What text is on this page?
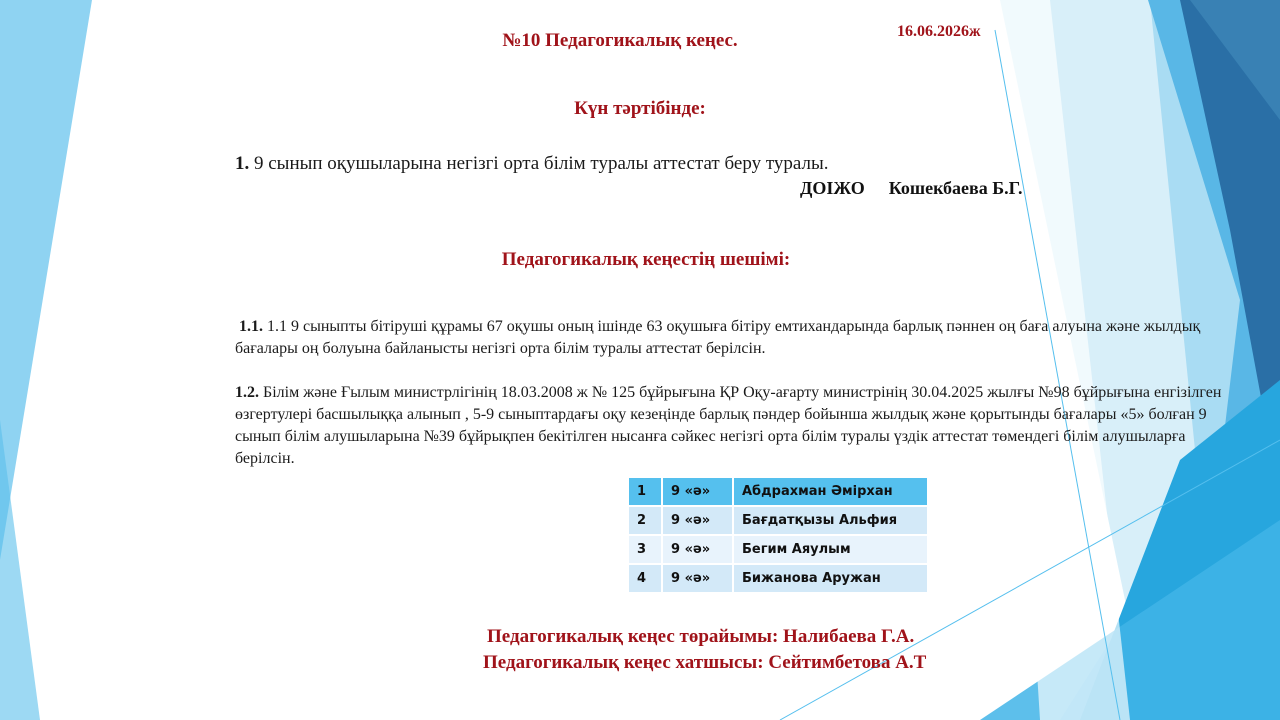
№10 Педагогикалық кеңес.	16.06.2026ж
Күн тәртібінде:
1. 9 сынып оқушыларына негізгі орта білім туралы аттестат беру туралы.
ДОІЖО Кошекбаева Б.Г.
Педагогикалық кеңестің шешімі:
1.1. 1.1 9 сыныпты бітіруші құрамы 67 оқушы оның ішінде 63 оқушыға бітіру емтихандарында барлық пәннен оң баға алуына және жылдық бағалары оң болуына байланысты негізгі орта білім туралы аттестат берілсін.
1.2. Білім және Ғылым министрлігінің 18.03.2008 ж № 125 бұйрығына ҚР Оқу-ағарту министрінің 30.04.2025 жылғы №98 бұйрығына енгізілген өзгертулері басшылыққа алынып , 5-9 сыныптардағы оқу кезеңінде барлық пәндер бойынша жылдық және қорытынды бағалары «5» болған 9 сынып білім алушыларына №39 бұйрықпен бекітілген нысанға сәйкес негізгі орта білім туралы үздік аттестат төмендегі білім алушыларға берілсін.
1	9 «ә»	Абдрахман Әмірхан
2	9 «ә»	Бағдатқызы Альфия
3	9 «ә»	Бегим Аяулым
4	9 «ә»	Бижанова Аружан
Педагогикалық кеңес төрайымы: Налибаева Г.А.
Педагогикалық кеңес хатшысы: Сейтимбетова А.Т
